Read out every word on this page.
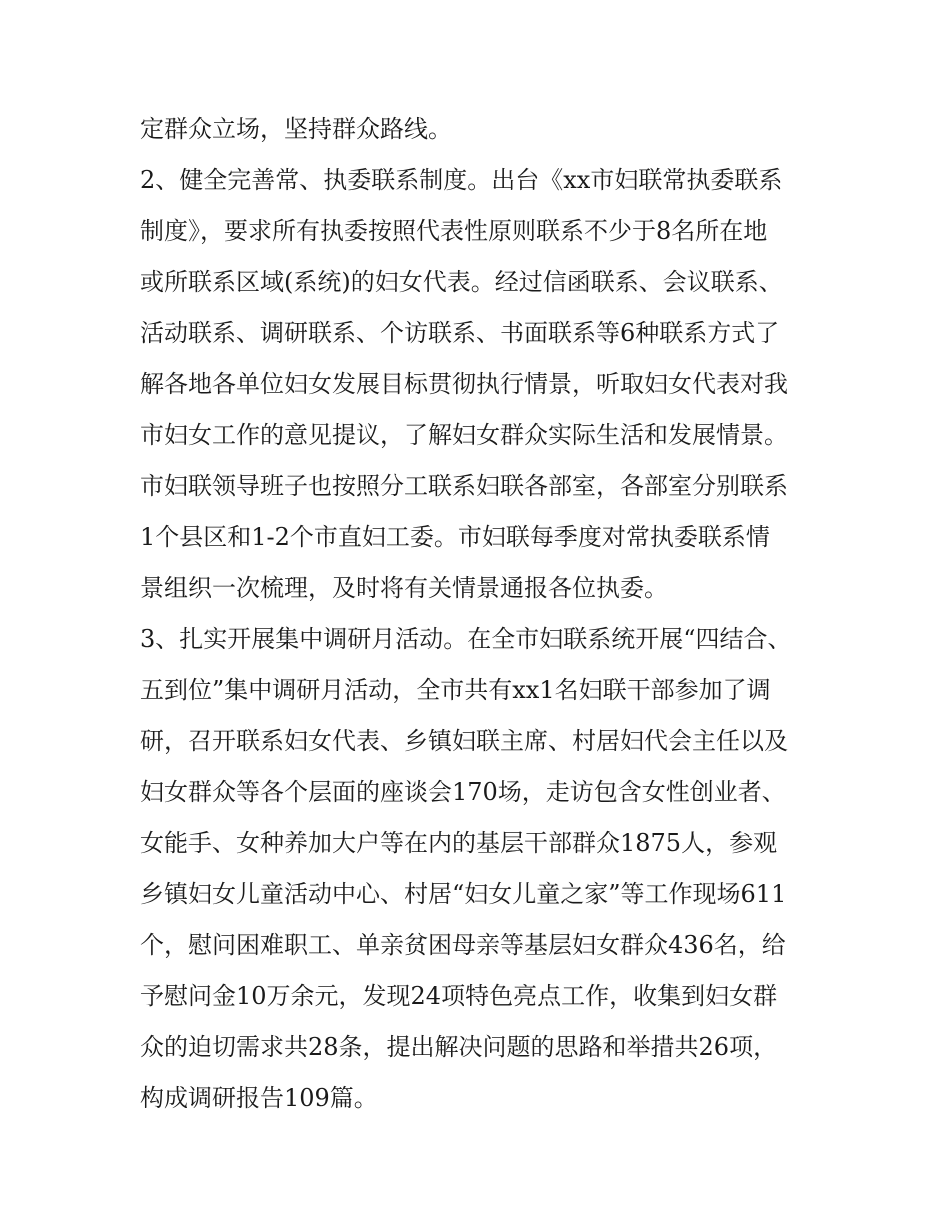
定群众立场，坚持群众路线。
2、健全完善常、执委联系制度。出台《xx市妇联常执委联系
制度》，要求所有执委按照代表性原则联系不少于8名所在地
或所联系区域(系统)的妇女代表。经过信函联系、会议联系、
活动联系、调研联系、个访联系、书面联系等6种联系方式了
解各地各单位妇女发展目标贯彻执行情景，听取妇女代表对我
市妇女工作的意见提议，了解妇女群众实际生活和发展情景。
市妇联领导班子也按照分工联系妇联各部室，各部室分别联系
1个县区和1-2个市直妇工委。市妇联每季度对常执委联系情
景组织一次梳理，及时将有关情景通报各位执委。
3、扎实开展集中调研月活动。在全市妇联系统开展“四结合、
五到位”集中调研月活动，全市共有xx1名妇联干部参加了调
研，召开联系妇女代表、乡镇妇联主席、村居妇代会主任以及
妇女群众等各个层面的座谈会170场，走访包含女性创业者、
女能手、女种养加大户等在内的基层干部群众1875人，参观
乡镇妇女儿童活动中心、村居“妇女儿童之家”等工作现场611
个，慰问困难职工、单亲贫困母亲等基层妇女群众436名，给
予慰问金10万余元，发现24项特色亮点工作，收集到妇女群
众的迫切需求共28条，提出解决问题的思路和举措共26项，
构成调研报告109篇。
